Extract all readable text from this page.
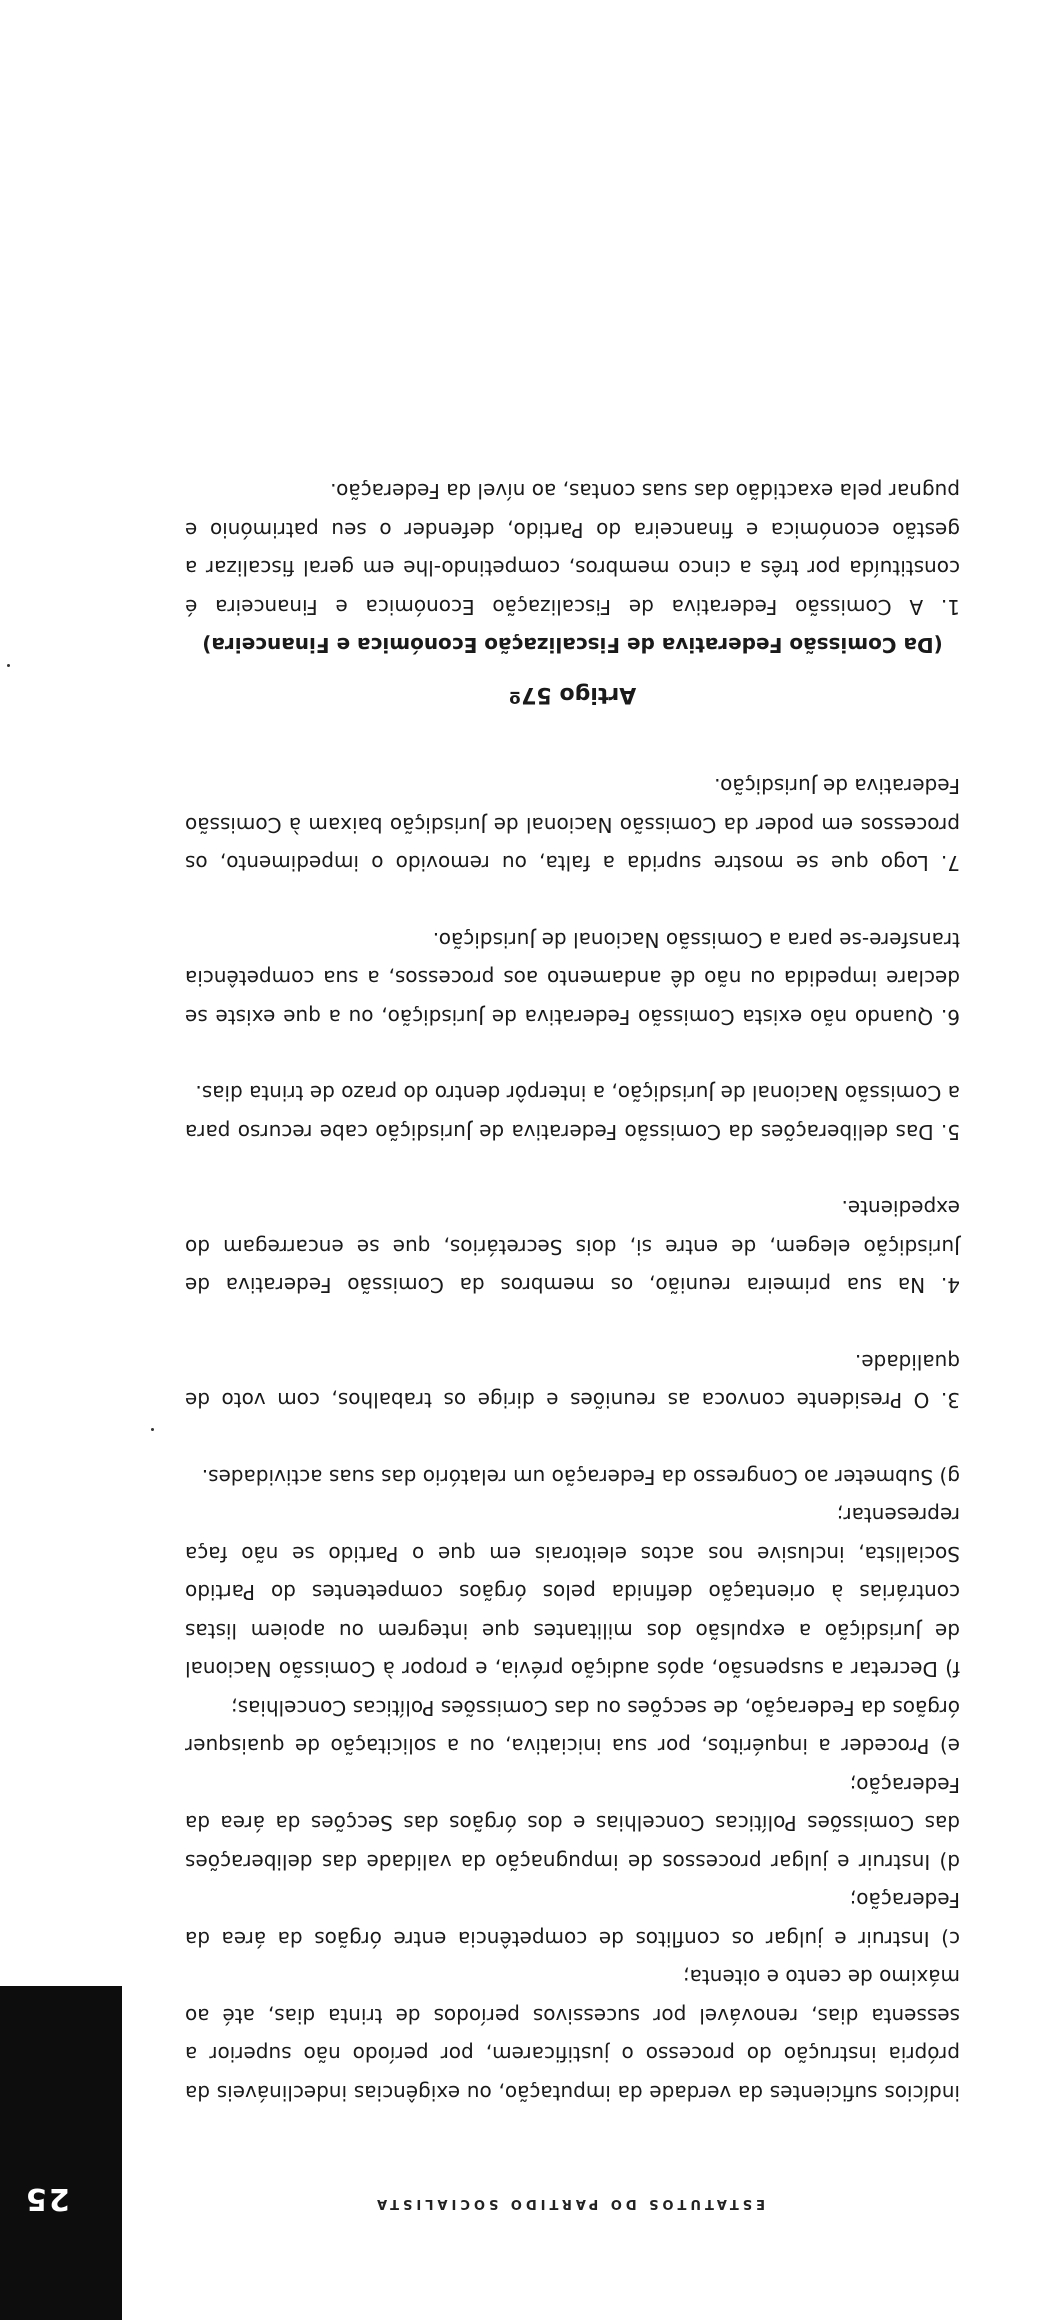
25	ESTATUTOS DO PARTIDO SOCIALISTA

indícios suficientes da verdade da imputação, ou exigências indeclináveis da própria instrução do processo o justificarem, por período não superior a sessenta dias, renovável por sucessivos períodos de trinta dias, até ao máximo de cento e oitenta;

c) Instruir e julgar os conflitos de competência entre órgãos da área da Federação;

d) Instruir e julgar processos de impugnação da validade das deliberações das Comissões Políticas Concelhias e dos órgãos das Secções da área da Federação;

e) Proceder a inquéritos, por sua iniciativa, ou a solicitação de quaisquer órgãos da Federação, de secções ou das Comissões Políticas Concelhias;

f) Decretar a suspensão, após audição prévia, e propor à Comissão Nacional de Jurisdição a expulsão dos militantes que integrem ou apoiem listas contrárias à orientação definida pelos órgãos competentes do Partido Socialista, inclusive nos actos eleitorais em que o Partido se não faça representar;

g) Submeter ao Congresso da Federação um relatório das suas actividades.

3. O Presidente convoca as reuniões e dirige os trabalhos, com voto de qualidade.

4. Na sua primeira reunião, os membros da Comissão Federativa de Jurisdição elegem, de entre si, dois Secretários, que se encarregam do expediente.

5. Das deliberações da Comissão Federativa de Jurisdição cabe recurso para a Comissão Nacional de Jurisdição, a interpôr dentro do prazo de trinta dias.

6. Quando não exista Comissão Federativa de Jurisdição, ou a que existe se declare impedida ou não dê andamento aos processos, a sua competência transfere-se para a Comissão Nacional de Jurisdição.

7. Logo que se mostre suprida a falta, ou removido o impedimento, os processos em poder da Comissão Nacional de Jurisdição baixam à Comissão Federativa de Jurisdição.

Artigo 57º
(Da Comissão Federativa de Fiscalização Económica e Financeira)

1. A Comissão Federativa de Fiscalização Económica e Financeira é constituída por três a cinco membros, competindo-lhe em geral fiscalizar a gestão económica e financeira do Partido, defender o seu património e pugnar pela exactidão das suas contas, ao nível da Federação.
